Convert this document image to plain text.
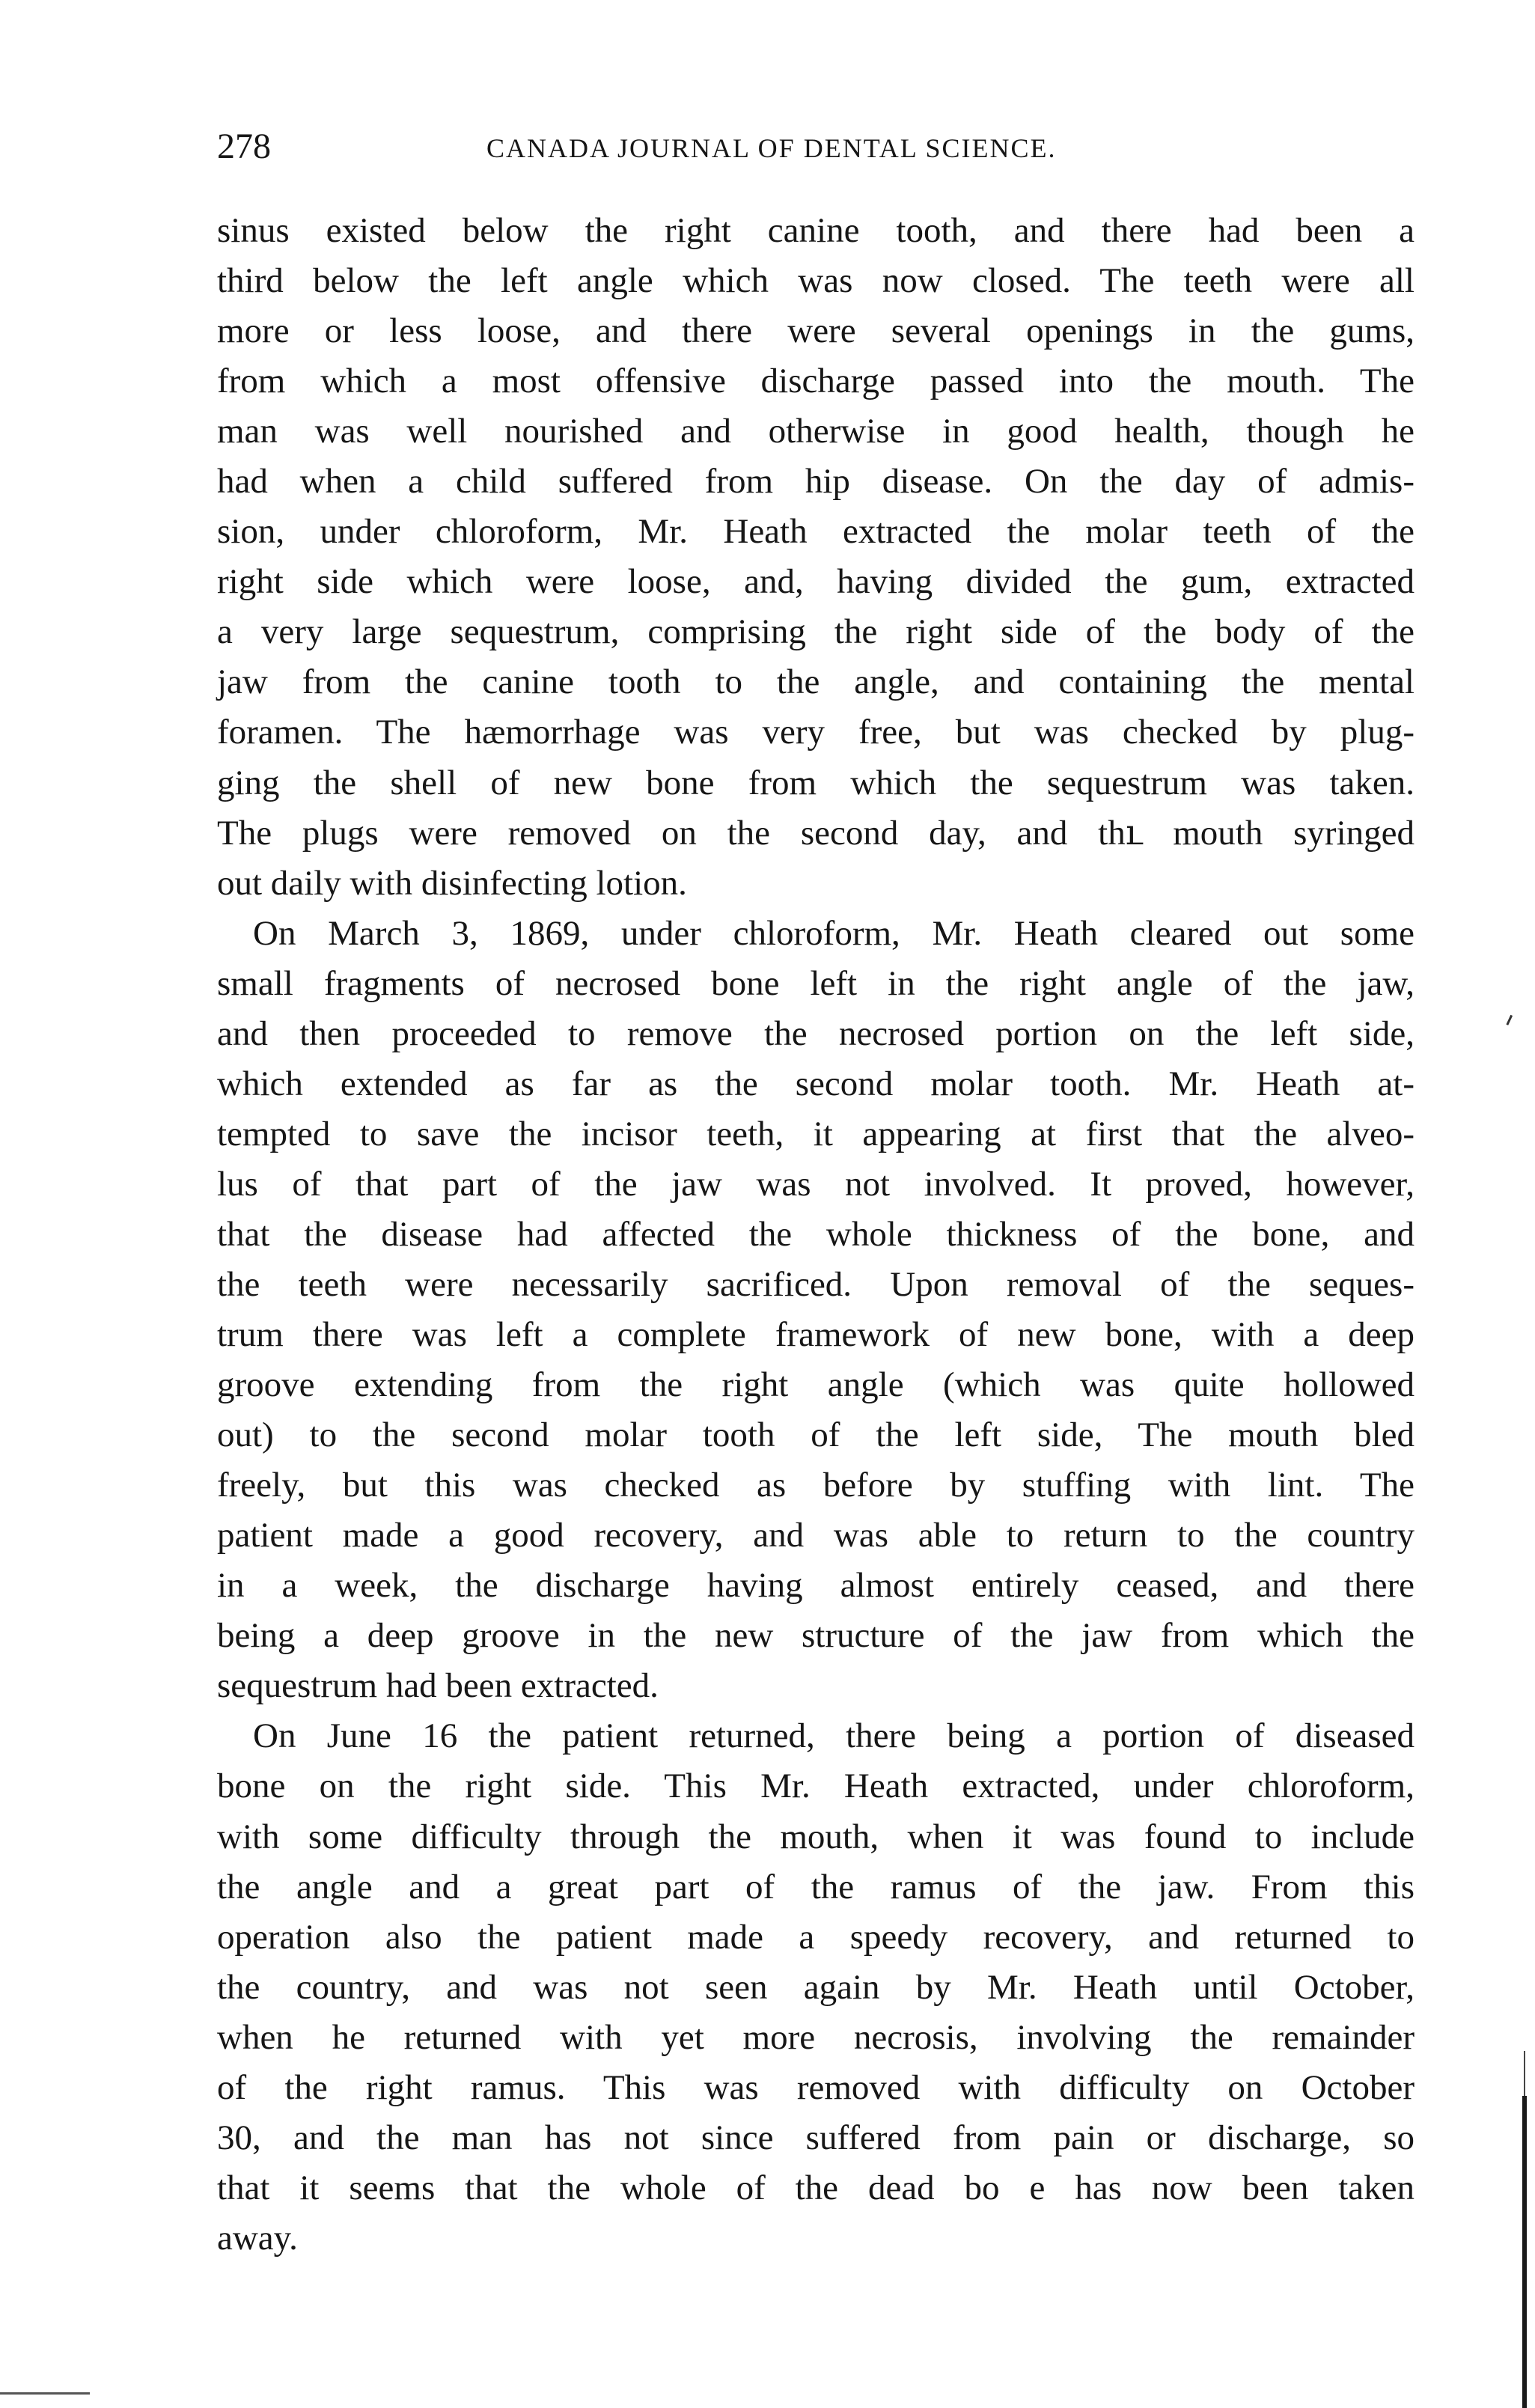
278	CANADA JOURNAL OF DENTAL SCIENCE.
sinus existed below the right canine tooth, and there had been a
third below the left angle which was now closed. The teeth were all
more or less loose, and there were several openings in the gums,
from which a most offensive discharge passed into the mouth. The
man was well nourished and otherwise in good health, though he
had when a child suffered from hip disease. On the day of admis-
sion, under chloroform, Mr. Heath extracted the molar teeth of the
right side which were loose, and, having divided the gum, extracted
a very large sequestrum, comprising the right side of the body of the
jaw from the canine tooth to the angle, and containing the mental
foramen. The hæmorrhage was very free, but was checked by plug-
ging the shell of new bone from which the sequestrum was taken.
The plugs were removed on the second day, and thւ mouth syringed
out daily with disinfecting lotion.
On March 3, 1869, under chloroform, Mr. Heath cleared out some
small fragments of necrosed bone left in the right angle of the jaw,
and then proceeded to remove the necrosed portion on the left side,
which extended as far as the second molar tooth. Mr. Heath at-
tempted to save the incisor teeth, it appearing at first that the alveo-
lus of that part of the jaw was not involved. It proved, however,
that the disease had affected the whole thickness of the bone, and
the teeth were necessarily sacrificed. Upon removal of the seques-
trum there was left a complete framework of new bone, with a deep
groove extending from the right angle (which was quite hollowed
out) to the second molar tooth of the left side, The mouth bled
freely, but this was checked as before by stuffing with lint. The
patient made a good recovery, and was able to return to the country
in a week, the discharge having almost entirely ceased, and there
being a deep groove in the new structure of the jaw from which the
sequestrum had been extracted.
On June 16 the patient returned, there being a portion of diseased
bone on the right side. This Mr. Heath extracted, under chloroform,
with some difficulty through the mouth, when it was found to include
the angle and a great part of the ramus of the jaw. From this
operation also the patient made a speedy recovery, and returned to
the country, and was not seen again by Mr. Heath until October,
when he returned with yet more necrosis, involving the remainder
of the right ramus. This was removed with difficulty on October
30, and the man has not since suffered from pain or discharge, so
that it seems that the whole of the dead bo e has now been taken
away.
